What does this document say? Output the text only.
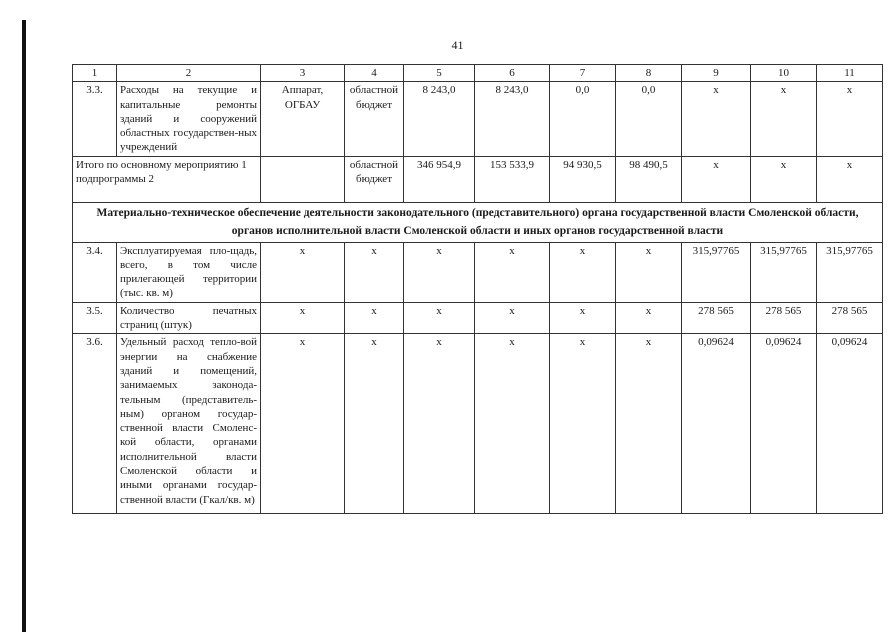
41
1	2	3	4	5	6	7	8	9	10	11
3.3.	Расходы на текущие и капитальные ремонты зданий и сооружений областных государствен-ных учреждений	Аппарат, ОГБАУ	областной бюджет	8 243,0	8 243,0	0,0	0,0	х	х	х
Итого по основному мероприятию 1 подпрограммы 2			областной бюджет	346 954,9	153 533,9	94 930,5	98 490,5	х	х	х
Материально-техническое обеспечение деятельности законодательного (представительного) органа государственной власти Смоленской области,
органов исполнительной власти Смоленской области и иных органов государственной власти										
3.4.	Эксплуатируемая пло-щадь, всего, в том числе прилегающей территории (тыс. кв. м)	х	х	х	х	х	х	315,97765	315,97765	315,97765
3.5.	Количество печатных страниц (штук)	х	х	х	х	х	х	278 565	278 565	278 565
3.6.	Удельный расход тепло-вой энергии на снабжение зданий и помещений, занимаемых законода-тельным (представитель-ным) органом государ-ственной власти Смоленс-кой области, органами исполнительной власти Смоленской области и иными органами государ-ственной власти (Гкал/кв. м)	х	х	х	х	х	х	0,09624	0,09624	0,09624
